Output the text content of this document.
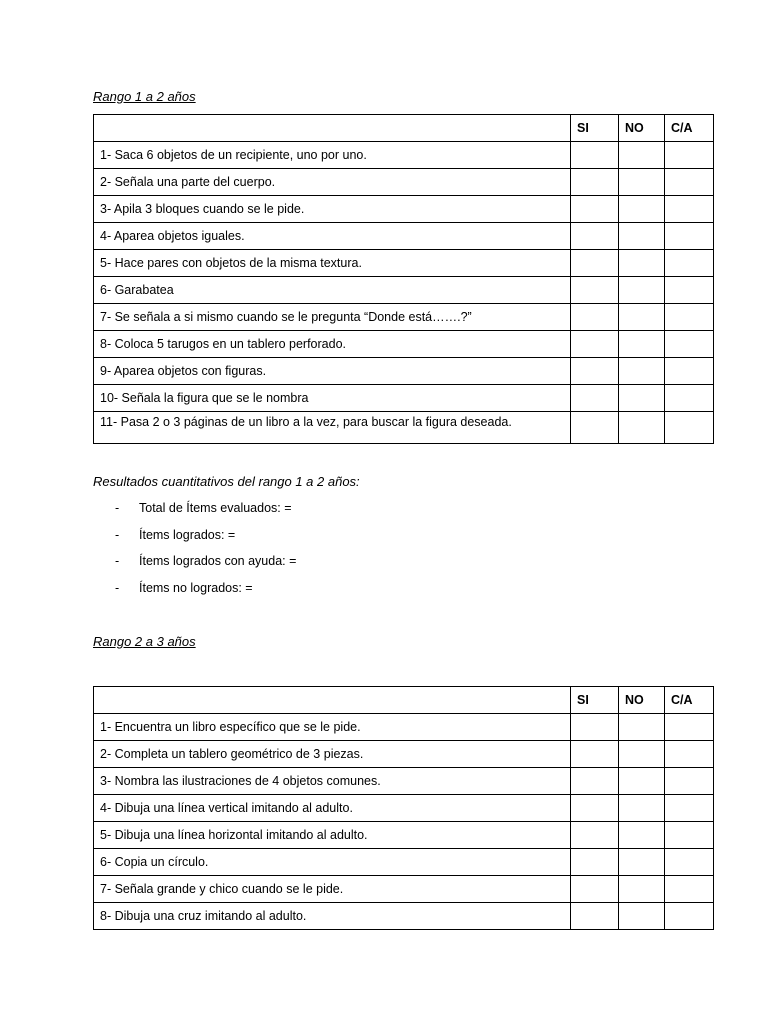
Rango 1 a 2 años
	SI	NO	C/A
1- Saca 6 objetos de un recipiente, uno por uno.			
2- Señala una parte del cuerpo.			
3- Apila 3 bloques cuando se le pide.			
4- Aparea objetos iguales.			
5- Hace pares con objetos de la misma textura.			
6- Garabatea			
7- Se señala a si mismo cuando se le pregunta “Donde está…….?”			
8- Coloca 5 tarugos en un tablero perforado.			
9- Aparea objetos con figuras.			
10- Señala la figura que se le nombra			
11- Pasa 2 o 3 páginas de un libro a la vez, para buscar la figura deseada.			
Resultados cuantitativos del rango 1 a 2 años:
- Total de Ítems evaluados: =
- Ítems logrados: =
- Ítems logrados con ayuda: =
- Ítems no logrados: =
Rango 2 a 3 años
	SI	NO	C/A
1- Encuentra un libro específico que se le pide.			
2- Completa un tablero geométrico de 3 piezas.			
3- Nombra las ilustraciones de 4 objetos comunes.			
4- Dibuja una línea vertical imitando al adulto.			
5- Dibuja una línea horizontal imitando al adulto.			
6- Copia un círculo.			
7- Señala grande y chico cuando se le pide.			
8- Dibuja una cruz imitando al adulto.			
